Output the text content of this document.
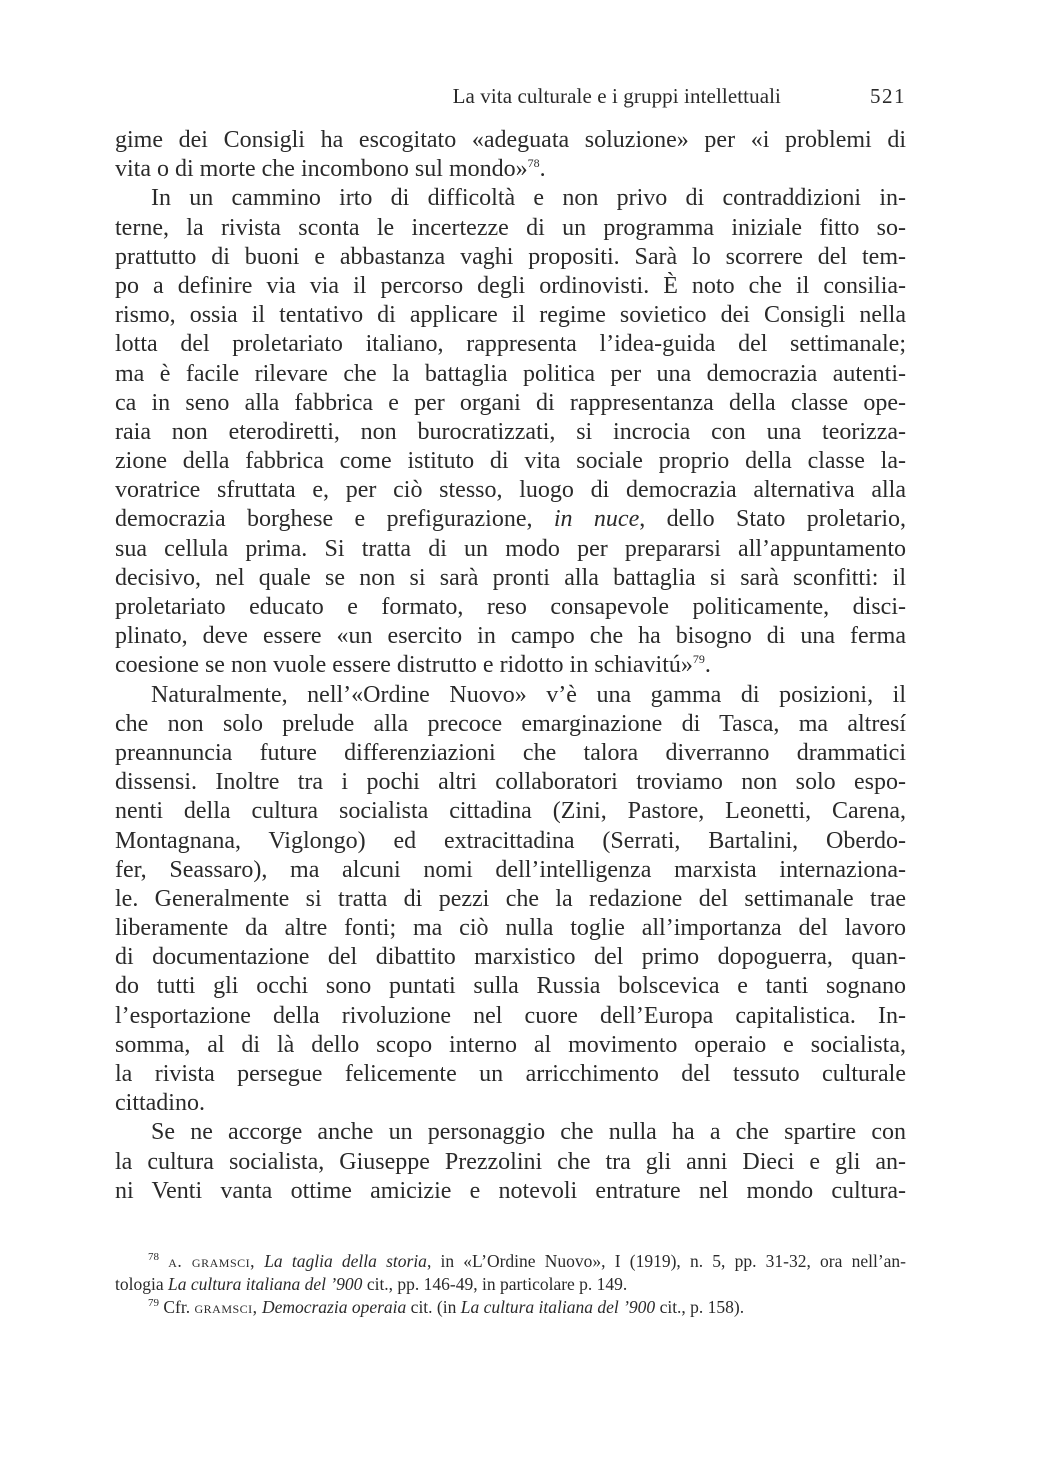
La vita culturale e i gruppi intellettuali	521
gime dei Consigli ha escogitato «adeguata soluzione» per «i problemi di
vita o di morte che incombono sul mondo»$^{78}$.
In un cammino irto di difficoltà e non privo di contraddizioni in-
terne, la rivista sconta le incertezze di un programma iniziale fitto so-
prattutto di buoni e abbastanza vaghi propositi. Sarà lo scorrere del tem-
po a definire via via il percorso degli ordinovisti. È noto che il consilia-
rismo, ossia il tentativo di applicare il regime sovietico dei Consigli nella
lotta del proletariato italiano, rappresenta l’idea-guida del settimanale;
ma è facile rilevare che la battaglia politica per una democrazia autenti-
ca in seno alla fabbrica e per organi di rappresentanza della classe ope-
raia non eterodiretti, non burocratizzati, si incrocia con una teorizza-
zione della fabbrica come istituto di vita sociale proprio della classe la-
voratrice sfruttata e, per ciò stesso, luogo di democrazia alternativa alla
democrazia borghese e prefigurazione, in nuce, dello Stato proletario,
sua cellula prima. Si tratta di un modo per prepararsi all’appuntamento
decisivo, nel quale se non si sarà pronti alla battaglia si sarà sconfitti: il
proletariato educato e formato, reso consapevole politicamente, disci-
plinato, deve essere «un esercito in campo che ha bisogno di una ferma
coesione se non vuole essere distrutto e ridotto in schiavitú»$^{79}$.
Naturalmente, nell’«Ordine Nuovo» v’è una gamma di posizioni, il
che non solo prelude alla precoce emarginazione di Tasca, ma altresí
preannuncia future differenziazioni che talora diverranno drammatici
dissensi. Inoltre tra i pochi altri collaboratori troviamo non solo espo-
nenti della cultura socialista cittadina (Zini, Pastore, Leonetti, Carena,
Montagnana, Viglongo) ed extracittadina (Serrati, Bartalini, Oberdo-
fer, Seassaro), ma alcuni nomi dell’intelligenza marxista internaziona-
le. Generalmente si tratta di pezzi che la redazione del settimanale trae
liberamente da altre fonti; ma ciò nulla toglie all’importanza del lavoro
di documentazione del dibattito marxistico del primo dopoguerra, quan-
do tutti gli occhi sono puntati sulla Russia bolscevica e tanti sognano
l’esportazione della rivoluzione nel cuore dell’Europa capitalistica. In-
somma, al di là dello scopo interno al movimento operaio e socialista,
la rivista persegue felicemente un arricchimento del tessuto culturale
cittadino.
Se ne accorge anche un personaggio che nulla ha a che spartire con
la cultura socialista, Giuseppe Prezzolini che tra gli anni Dieci e gli an-
ni Venti vanta ottime amicizie e notevoli entrature nel mondo cultura-
$^{78}$ a. gramsci, La taglia della storia, in «L’Ordine Nuovo», I (1919), n. 5, pp. 31-32, ora nell’an-
tologia La cultura italiana del ’900 cit., pp. 146-49, in particolare p. 149.
$^{79}$ Cfr. gramsci, Democrazia operaia cit. (in La cultura italiana del ’900 cit., p. 158).
